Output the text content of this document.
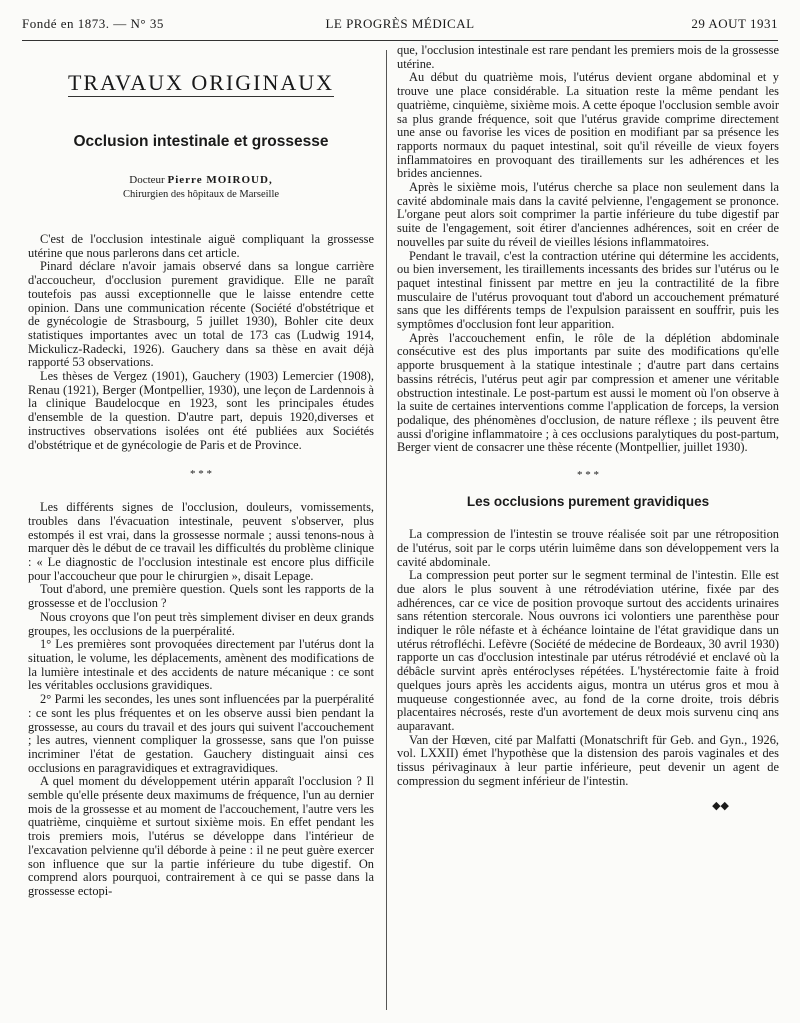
Fondé en 1873. — N° 35	LE PROGRÈS MÉDICAL	29 AOUT 1931
TRAVAUX ORIGINAUX
Occlusion intestinale et grossesse
Docteur Pierre MOIROUD,
Chirurgien des hôpitaux de Marseille

C'est de l'occlusion intestinale aiguë compliquant la grossesse utérine que nous parlerons dans cet article.

Pinard déclare n'avoir jamais observé dans sa longue carrière d'accoucheur, d'occlusion purement gravidique. Elle ne paraît toutefois pas aussi exceptionnelle que le laisse entendre cette opinion. Dans une communication récente (Société d'obstétrique et de gynécologie de Strasbourg, 5 juillet 1930), Bohler cite deux statistiques importantes avec un total de 173 cas (Ludwig 1914, Mickulicz-Radecki, 1926). Gauchery dans sa thèse en avait déjà rapporté 53 observations.

Les thèses de Vergez (1901), Gauchery (1903) Lemercier (1908), Renau (1921), Berger (Montpellier, 1930), une leçon de Lardennois à la clinique Baudelocque en 1923, sont les principales études d'ensemble de la question. D'autre part, depuis 1920,diverses et instructives observations isolées ont été publiées aux Sociétés d'obstétrique et de gynécologie de Paris et de Province.

* * *

Les différents signes de l'occlusion, douleurs, vomissements, troubles dans l'évacuation intestinale, peuvent s'observer, plus estompés il est vrai, dans la grossesse normale ; aussi tenons-nous à marquer dès le début de ce travail les difficultés du problème clinique : « Le diagnostic de l'occlusion intestinale est encore plus difficile pour l'accoucheur que pour le chirurgien », disait Lepage.

Tout d'abord, une première question. Quels sont les rapports de la grossesse et de l'occlusion ?

Nous croyons que l'on peut très simplement diviser en deux grands groupes, les occlusions de la puerpéralité.

1° Les premières sont provoquées directement par l'utérus dont la situation, le volume, les déplacements, amènent des modifications de la lumière intestinale et des accidents de nature mécanique : ce sont les véritables occlusions gravidiques.

2° Parmi les secondes, les unes sont influencées par la puerpéralité : ce sont les plus fréquentes et on les observe aussi bien pendant la grossesse, au cours du travail et des jours qui suivent l'accouchement ; les autres, viennent compliquer la grossesse, sans que l'on puisse incriminer l'état de gestation. Gauchery distinguait ainsi ces occlusions en paragravidiques et extragravidiques.

A quel moment du développement utérin apparaît l'occlusion ? Il semble qu'elle présente deux maximums de fréquence, l'un au dernier mois de la grossesse et au moment de l'accouchement, l'autre vers les quatrième, cinquième et surtout sixième mois. En effet pendant les trois premiers mois, l'utérus se développe dans l'intérieur de l'excavation pelvienne qu'il déborde à peine : il ne peut guère exercer son influence que sur la partie inférieure du tube digestif. On comprend alors pourquoi, contrairement à ce qui se passe dans la grossesse ectopi-

que, l'occlusion intestinale est rare pendant les premiers mois de la grossesse utérine.

Au début du quatrième mois, l'utérus devient organe abdominal et y trouve une place considérable. La situation reste la même pendant les quatrième, cinquième, sixième mois. A cette époque l'occlusion semble avoir sa plus grande fréquence, soit que l'utérus gravide comprime directement une anse ou favorise les vices de position en modifiant par sa présence les rapports normaux du paquet intestinal, soit qu'il réveille de vieux foyers inflammatoires en provoquant des tiraillements sur les adhérences et les brides anciennes.

Après le sixième mois, l'utérus cherche sa place non seulement dans la cavité abdominale mais dans la cavité pelvienne, l'engagement se prononce. L'organe peut alors soit comprimer la partie inférieure du tube digestif par suite de l'engagement, soit étirer d'anciennes adhérences, soit en créer de nouvelles par suite du réveil de vieilles lésions inflammatoires.

Pendant le travail, c'est la contraction utérine qui détermine les accidents, ou bien inversement, les tiraillements incessants des brides sur l'utérus ou le paquet intestinal finissent par mettre en jeu la contractilité de la fibre musculaire de l'utérus provoquant tout d'abord un accouchement prématuré sans que les différents temps de l'expulsion paraissent en souffrir, puis les symptômes d'occlusion font leur apparition.

Après l'accouchement enfin, le rôle de la déplétion abdominale consécutive est des plus importants par suite des modifications qu'elle apporte brusquement à la statique intestinale ; d'autre part dans certains bassins rétrécis, l'utérus peut agir par compression et amener une véritable obstruction intestinale. Le post-partum est aussi le moment où l'on observe à la suite de certaines interventions comme l'application de forceps, la version podalique, des phénomènes d'occlusion, de nature réflexe ; ils peuvent être aussi d'origine inflammatoire ; à ces occlusions paralytiques du post-partum, Berger vient de consacrer une thèse récente (Montpellier, juillet 1930).

* * *
Les occlusions purement gravidiques

La compression de l'intestin se trouve réalisée soit par une rétroposition de l'utérus, soit par le corps utérin luimême dans son développement vers la cavité abdominale.

La compression peut porter sur le segment terminal de l'intestin. Elle est due alors le plus souvent à une rétrodéviation utérine, fixée par des adhérences, car ce vice de position provoque surtout des accidents urinaires sans rétention stercorale. Nous ouvrons ici volontiers une parenthèse pour indiquer le rôle néfaste et à échéance lointaine de l'état gravidique dans un utérus rétrofléchi. Lefèvre (Société de médecine de Bordeaux, 30 avril 1930) rapporte un cas d'occlusion intestinale par utérus rétrodévié et enclavé où la débâcle survint après entéroclyses répétées. L'hystérectomie faite à froid quelques jours après les accidents aigus, montra un utérus gros et mou à muqueuse congestionnée avec, au fond de la corne droite, trois débris placentaires nécrosés, reste d'un avortement de deux mois survenu cinq ans auparavant.

Van der Hœven, cité par Malfatti (Monatschrift für Geb. and Gyn., 1926, vol. LXXII) émet l'hypothèse que la distension des parois vaginales et des tissus périvaginaux à leur partie inférieure, peut devenir un agent de compression du segment inférieur de l'intestin.

◆◆
